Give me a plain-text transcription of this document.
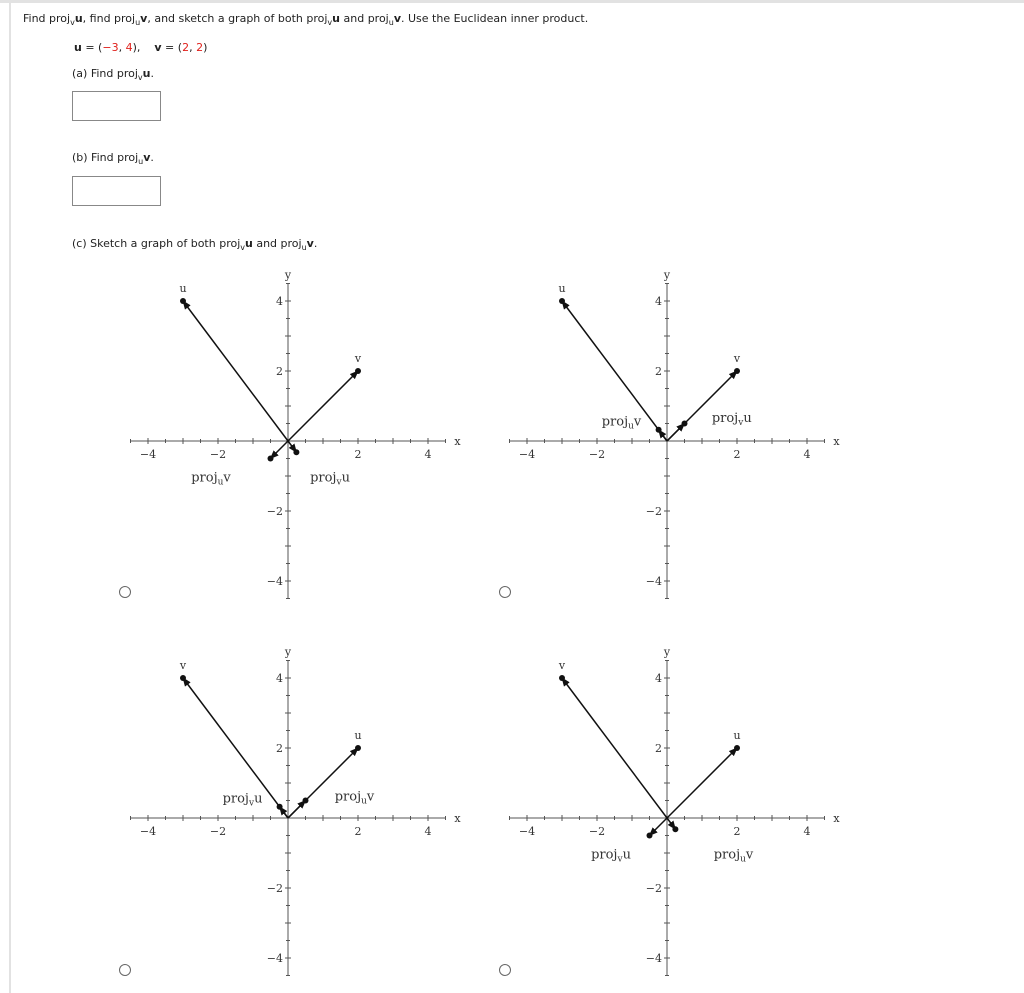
Find proj$_v$u, find proj$_u$v, and sketch a graph of both proj$_v$u and proj$_u$v. Use the Euclidean inner product.
u = (−3, 4), v = (2, 2)
(a) Find proj$_v$u.
(b) Find proj$_u$v.
(c) Sketch a graph of both proj$_v$u and proj$_u$v.
−4	−2	2	4
4
2
−2
−4
x
y
u
v
proj$_u$v	proj$_v$u
−4	−2	2	4
4
2
−2
−4
x
y
u
v
proj$_u$v	proj$_v$u
−4	−2	2	4
4
2
−2
−4
x
y
v
u
proj$_v$u	proj$_u$v
−4	−2	2	4
4
2
−2
−4
x
y
v
u
proj$_v$u	proj$_u$v
